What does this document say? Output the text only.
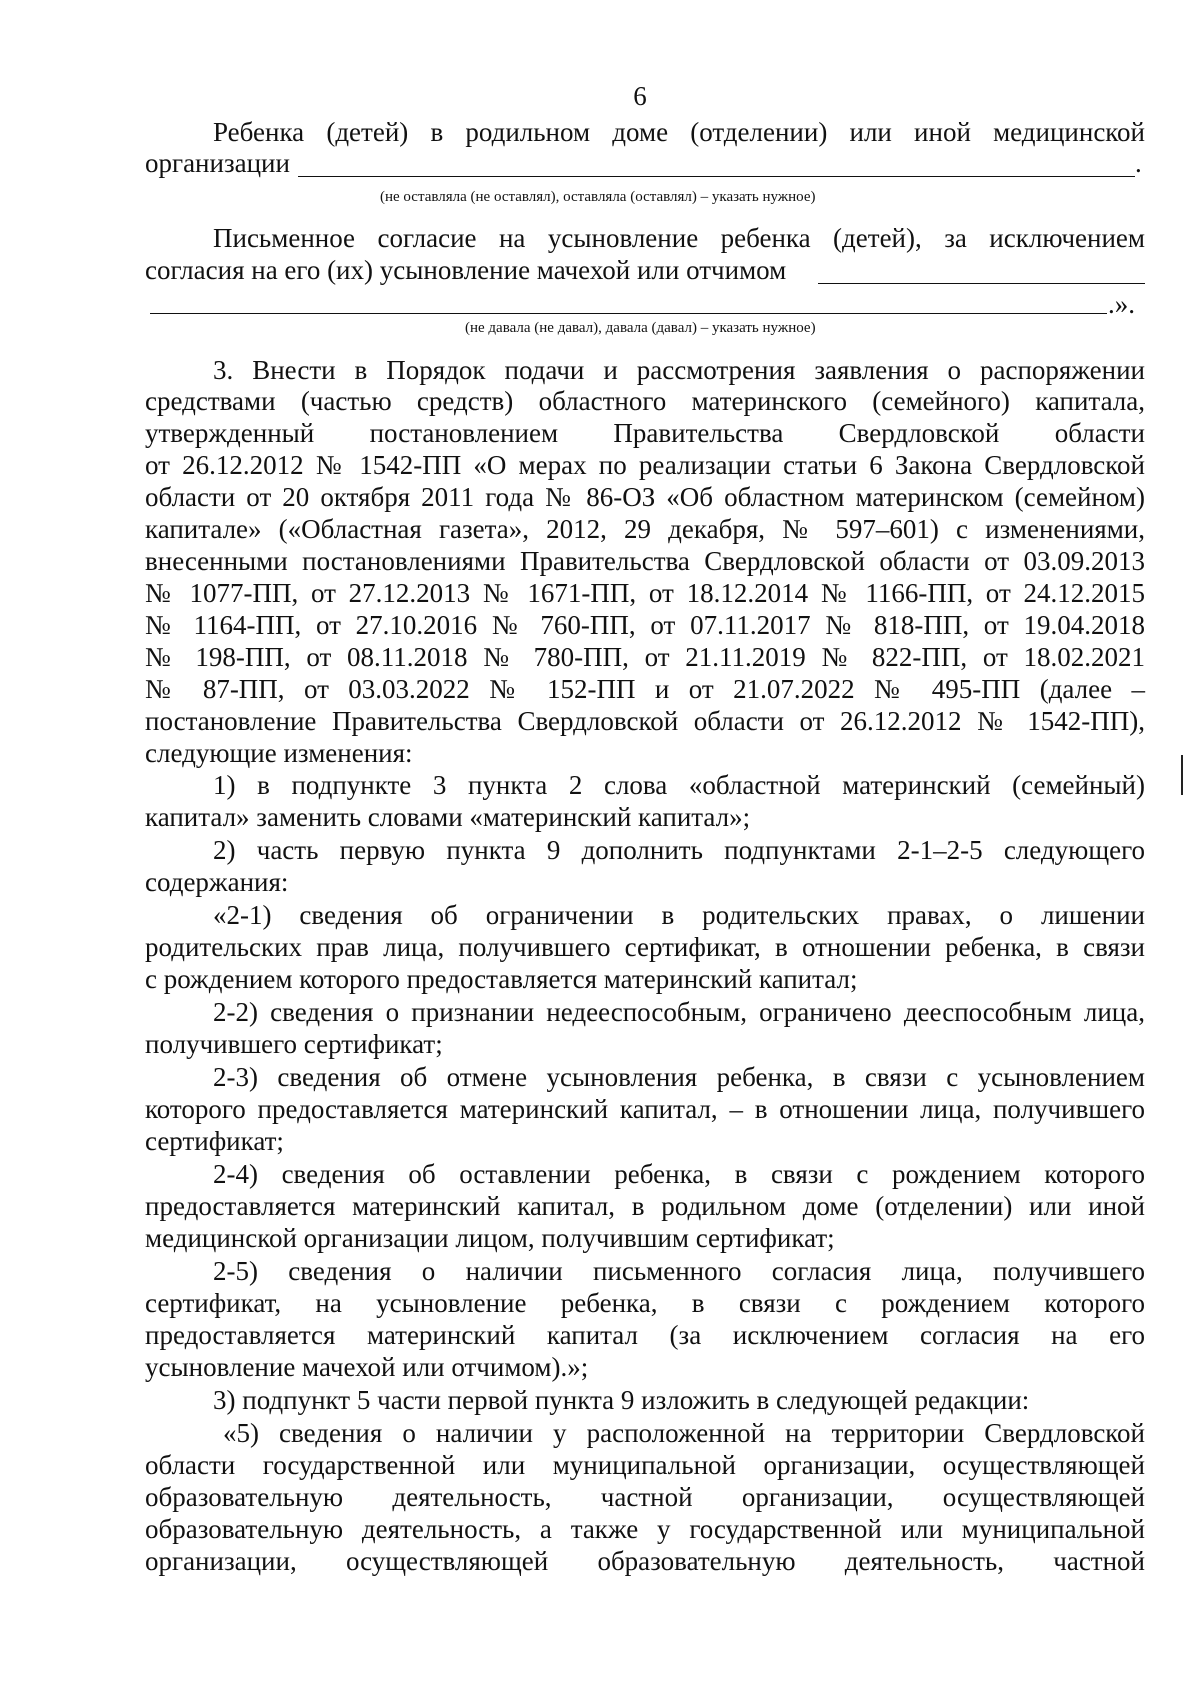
6
Ребенка (детей) в родильном доме (отделении) или иной медицинской
организации	.
(не оставляла (не оставлял), оставляла (оставлял) – указать нужное)
Письменное согласие на усыновление ребенка (детей), за исключением
согласия на его (их) усыновление мачехой или отчимом
.».
(не давала (не давал), давала (давал) – указать нужное)
3. Внести в Порядок подачи и рассмотрения заявления о распоряжении
средствами (частью средств) областного материнского (семейного) капитала,
утвержденный постановлением Правительства Свердловской области
от 26.12.2012 № 1542-ПП «О мерах по реализации статьи 6 Закона Свердловской
области от 20 октября 2011 года № 86-ОЗ «Об областном материнском (семейном)
капитале» («Областная газета», 2012, 29 декабря, № 597–601) с изменениями,
внесенными постановлениями Правительства Свердловской области от 03.09.2013
№ 1077-ПП, от 27.12.2013 № 1671-ПП, от 18.12.2014 № 1166-ПП, от 24.12.2015
№ 1164-ПП, от 27.10.2016 № 760-ПП, от 07.11.2017 № 818-ПП, от 19.04.2018
№ 198-ПП, от 08.11.2018 № 780-ПП, от 21.11.2019 № 822-ПП, от 18.02.2021
№ 87-ПП, от 03.03.2022 № 152-ПП и от 21.07.2022 № 495-ПП (далее –
постановление Правительства Свердловской области от 26.12.2012 № 1542-ПП),
следующие изменения:
1) в подпункте 3 пункта 2 слова «областной материнский (семейный)
капитал» заменить словами «материнский капитал»;
2) часть первую пункта 9 дополнить подпунктами 2-1–2-5 следующего
содержания:
«2-1) сведения об ограничении в родительских правах, о лишении
родительских прав лица, получившего сертификат, в отношении ребенка, в связи
с рождением которого предоставляется материнский капитал;
2-2) сведения о признании недееспособным, ограничено дееспособным лица,
получившего сертификат;
2-3) сведения об отмене усыновления ребенка, в связи с усыновлением
которого предоставляется материнский капитал, – в отношении лица, получившего
сертификат;
2-4) сведения об оставлении ребенка, в связи с рождением которого
предоставляется материнский капитал, в родильном доме (отделении) или иной
медицинской организации лицом, получившим сертификат;
2-5) сведения о наличии письменного согласия лица, получившего
сертификат, на усыновление ребенка, в связи с рождением которого
предоставляется материнский капитал (за исключением согласия на его
усыновление мачехой или отчимом).»;
3) подпункт 5 части первой пункта 9 изложить в следующей редакции:
«5) сведения о наличии у расположенной на территории Свердловской
области государственной или муниципальной организации, осуществляющей
образовательную деятельность, частной организации, осуществляющей
образовательную деятельность, а также у государственной или муниципальной
организации, осуществляющей образовательную деятельность, частной
